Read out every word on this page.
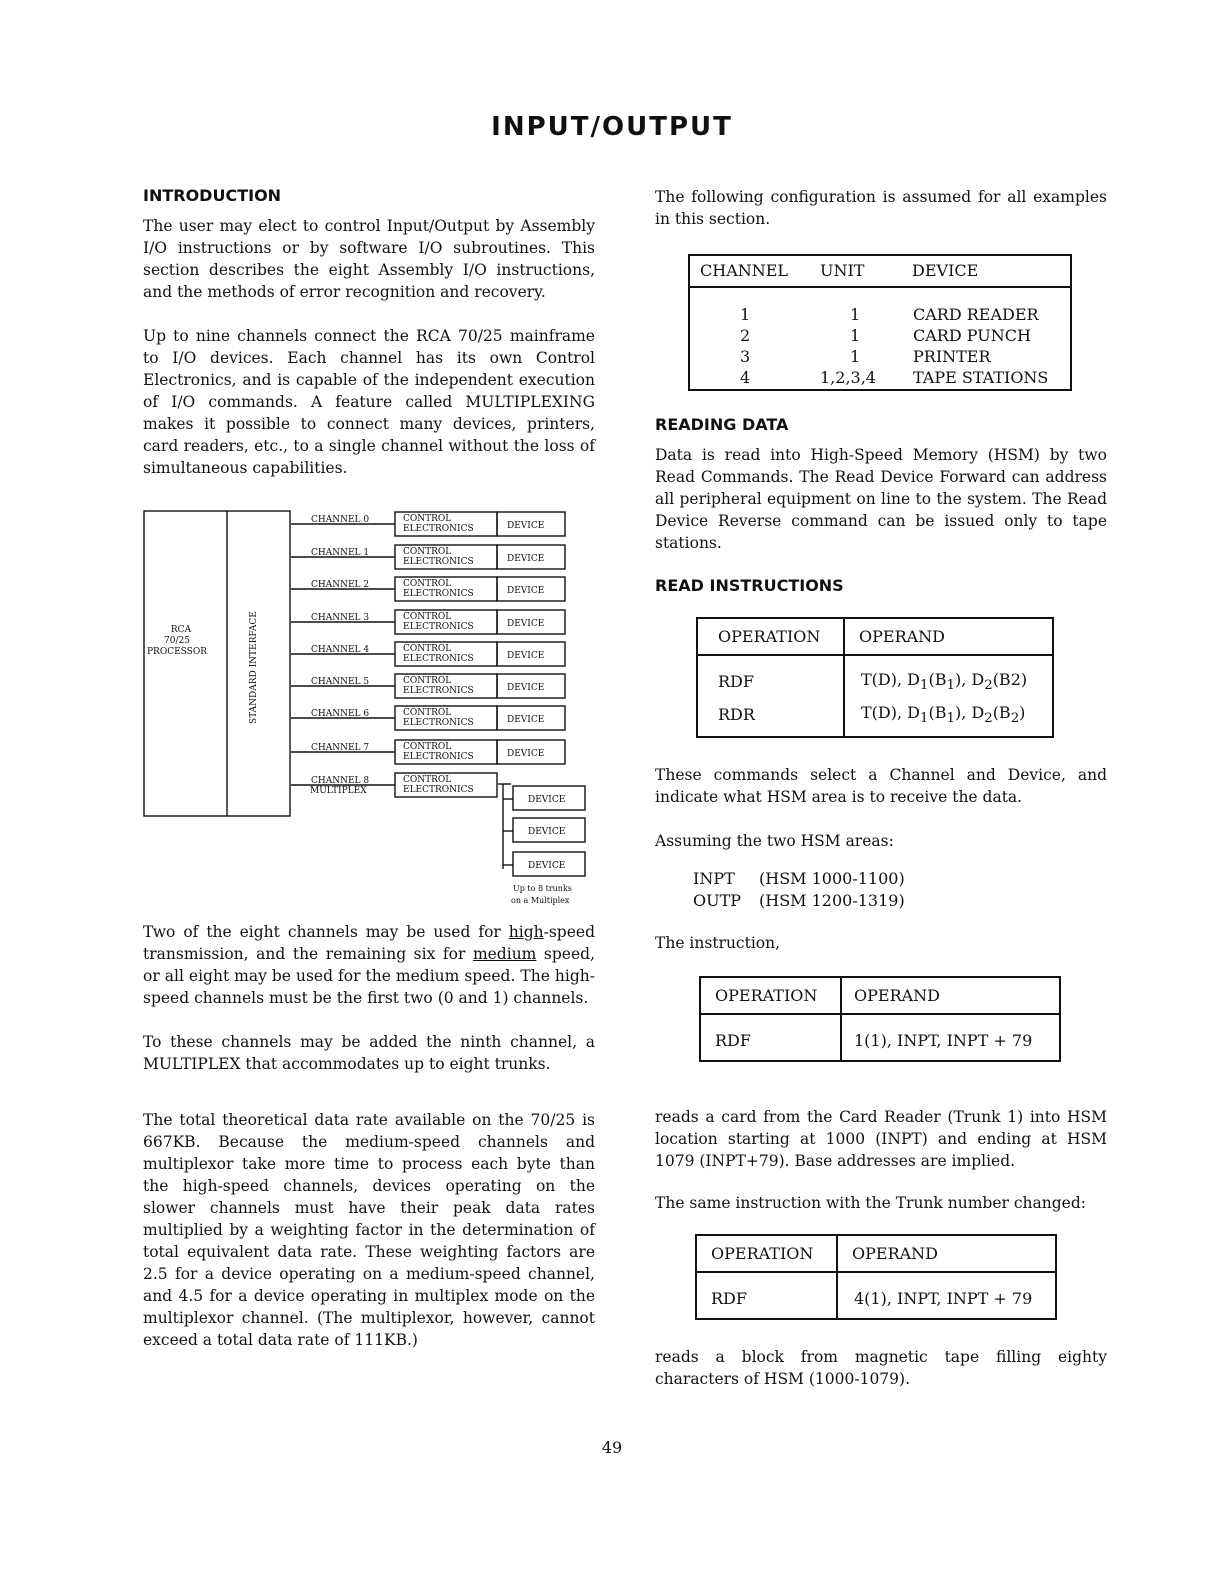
INPUT/OUTPUT
INTRODUCTION

The user may elect to control Input/Output by Assembly I/O instructions or by software I/O subroutines. This section describes the eight Assembly I/O instructions, and the methods of error recognition and recovery.

Up to nine channels connect the RCA 70/25 mainframe to I/O devices. Each channel has its own Control Electronics, and is capable of the independent execution of I/O commands. A feature called MULTIPLEXING makes it possible to connect many devices, printers, card readers, etc., to a single channel without the loss of simultaneous capabilities.

RCA
70/25
PROCESSOR	STANDARD INTERFACE
MULTIPLEX
DEVICE
DEVICE
DEVICE
Up to 8 trunks
on a Multiplex
CHANNEL 0	CONTROL
ELECTRONICS	DEVICE
CHANNEL 1	CONTROL
ELECTRONICS	DEVICE
CHANNEL 2	CONTROL
ELECTRONICS	DEVICE
CHANNEL 3	CONTROL
ELECTRONICS	DEVICE
CHANNEL 4	CONTROL
ELECTRONICS	DEVICE
CHANNEL 5	CONTROL
ELECTRONICS	DEVICE
CHANNEL 6	CONTROL
ELECTRONICS	DEVICE
CHANNEL 7	CONTROL
ELECTRONICS	DEVICE
CHANNEL 8	CONTROL
ELECTRONICS

Two of the eight channels may be used for high-speed transmission, and the remaining six for medium speed, or all eight may be used for the medium speed. The high-speed channels must be the first two (0 and 1) channels.

To these channels may be added the ninth channel, a MULTIPLEX that accommodates up to eight trunks.

The total theoretical data rate available on the 70/25 is 667KB. Because the medium-speed channels and multiplexor take more time to process each byte than the high-speed channels, devices operating on the slower channels must have their peak data rates multiplied by a weighting factor in the determination of total equivalent data rate. These weighting factors are 2.5 for a device operating on a medium-speed channel, and 4.5 for a device operating in multiplex mode on the multiplexor channel. (The multiplexor, however, cannot exceed a total data rate of 111KB.)

The following configuration is assumed for all examples in this section.

CHANNEL	UNIT	DEVICE

1	1	CARD READER
2	1	CARD PUNCH
3	1	PRINTER
4	1,2,3,4	TAPE STATIONS
READING DATA

Data is read into High-Speed Memory (HSM) by two Read Commands. The Read Device Forward can address all peripheral equipment on line to the system. The Read Device Reverse command can be issued only to tape stations.

READ INSTRUCTIONS
OPERATION	OPERAND
RDF	T(D), $D_1(B_1)$, $D_2(B2)$
RDR	T(D), $D_1(B_1)$, $D_2(B_2)$

These commands select a Channel and Device, and indicate what HSM area is to receive the data.

Assuming the two HSM areas:

INPT (HSM 1000-1100)
OUTP (HSM 1200-1319)

The instruction,

OPERATION	OPERAND
RDF	1(1), INPT, INPT + 79

reads a card from the Card Reader (Trunk 1) into HSM location starting at 1000 (INPT) and ending at HSM 1079 (INPT+79). Base addresses are implied.

The same instruction with the Trunk number changed:

OPERATION	OPERAND
RDF	4(1), INPT, INPT + 79

reads a block from magnetic tape filling eighty characters of HSM (1000-1079).

49
